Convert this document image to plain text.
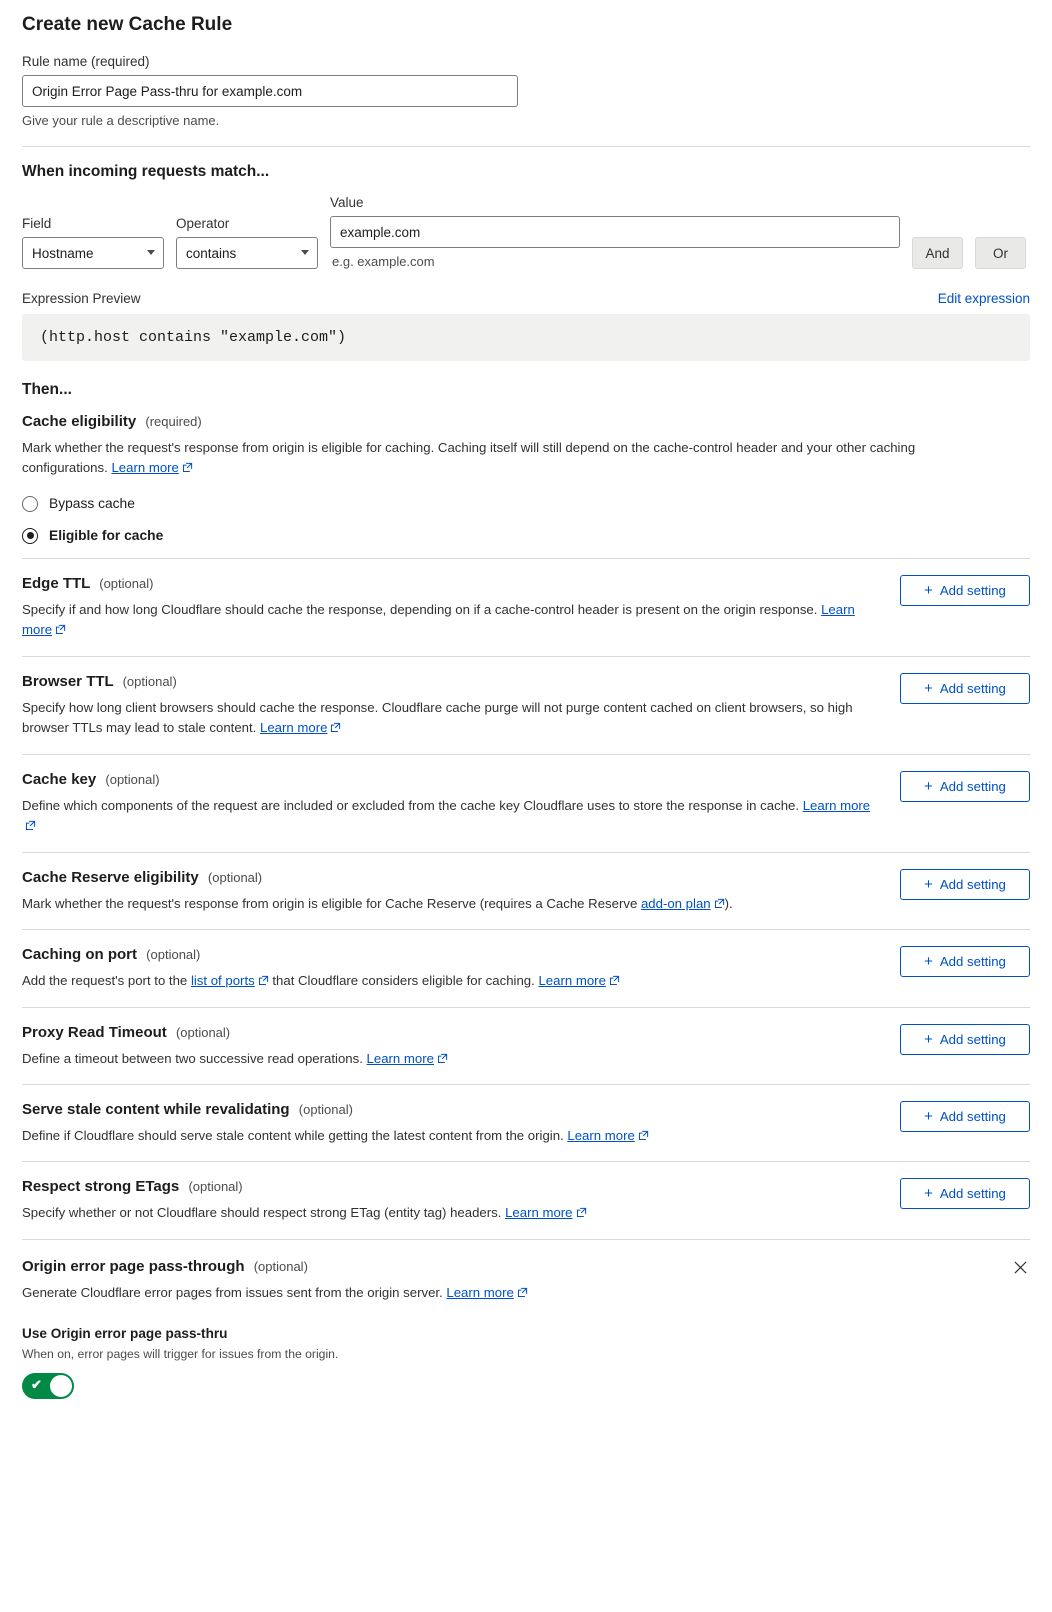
Create new Cache Rule
Rule name (required)
Origin Error Page Pass-thru for example.com
Give your rule a descriptive name.
When incoming requests match...
Field
Hostname	Operator
contains
Value
example.com
e.g. example.com
And	Or
Expression Preview	Edit expression
(http.host contains "example.com")
Then...
Cache eligibility (required)
Mark whether the request's response from origin is eligible for caching. Caching itself will still depend on the cache-control header and your other caching configurations. Learn more
Bypass cache
Eligible for cache
Edge TTL (optional)
Specify if and how long Cloudflare should cache the response, depending on if a cache-control header is present on the origin response. Learn more
+ Add setting
Browser TTL (optional)
Specify how long client browsers should cache the response. Cloudflare cache purge will not purge content cached on client browsers, so high browser TTLs may lead to stale content. Learn more
+ Add setting
Cache key (optional)
Define which components of the request are included or excluded from the cache key Cloudflare uses to store the response in cache. Learn more
+ Add setting
Cache Reserve eligibility (optional)
Mark whether the request's response from origin is eligible for Cache Reserve (requires a Cache Reserve add-on plan ).
+ Add setting
Caching on port (optional)
Add the request's port to the list of ports that Cloudflare considers eligible for caching. Learn more
+ Add setting
Proxy Read Timeout (optional)
Define a timeout between two successive read operations. Learn more
+ Add setting
Serve stale content while revalidating (optional)
Define if Cloudflare should serve stale content while getting the latest content from the origin. Learn more
+ Add setting
Respect strong ETags (optional)
Specify whether or not Cloudflare should respect strong ETag (entity tag) headers. Learn more
+ Add setting
Origin error page pass-through (optional)
Generate Cloudflare error pages from issues sent from the origin server. Learn more
Use Origin error page pass-thru
When on, error pages will trigger for issues from the origin.
✔
